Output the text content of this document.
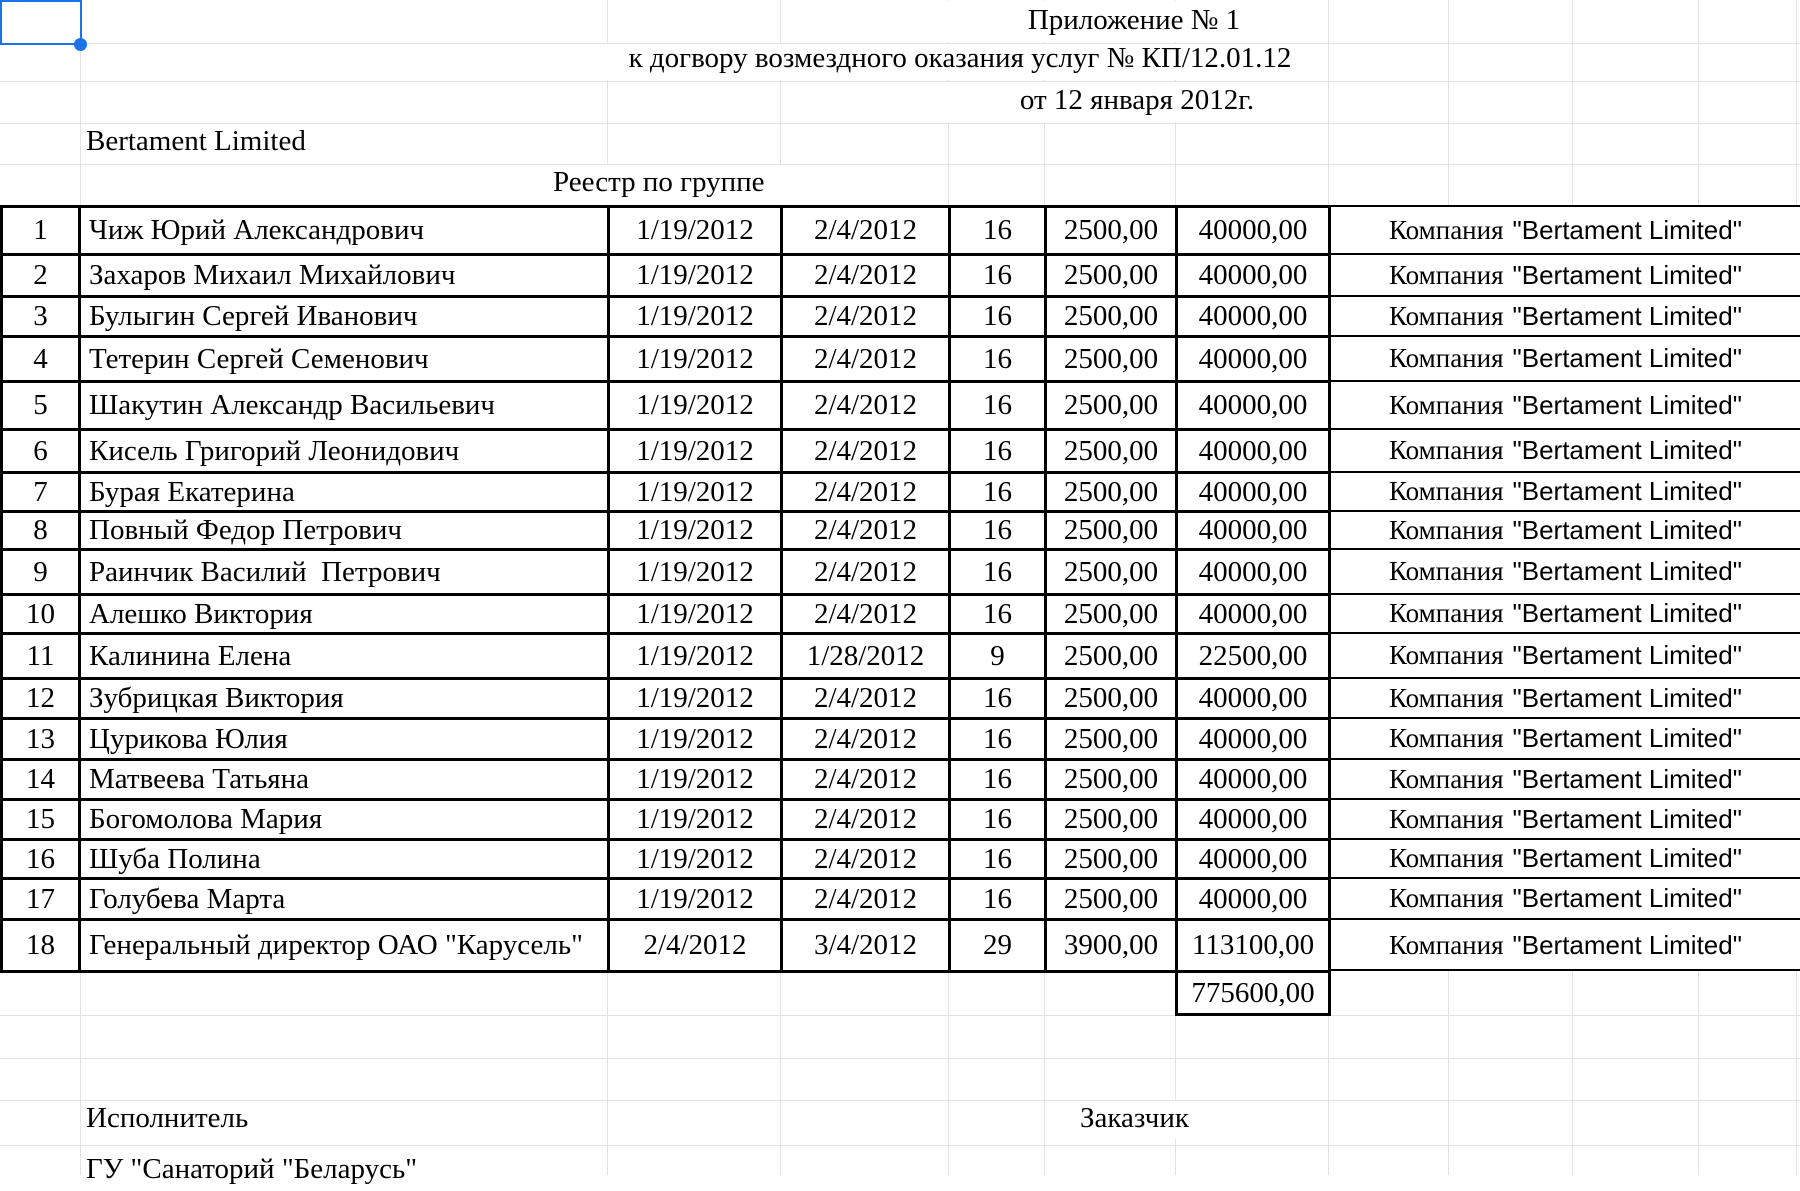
1	Чиж Юрий Александрович	1/19/2012	2/4/2012	16	2500,00	40000,00	Компания "Bertament Limited"
2	Захаров Михаил Михайлович	1/19/2012	2/4/2012	16	2500,00	40000,00	Компания "Bertament Limited"
3	Булыгин Сергей Иванович	1/19/2012	2/4/2012	16	2500,00	40000,00	Компания "Bertament Limited"
4	Тетерин Сергей Семенович	1/19/2012	2/4/2012	16	2500,00	40000,00	Компания "Bertament Limited"
5	Шакутин Александр Васильевич	1/19/2012	2/4/2012	16	2500,00	40000,00	Компания "Bertament Limited"
6	Кисель Григорий Леонидович	1/19/2012	2/4/2012	16	2500,00	40000,00	Компания "Bertament Limited"
7	Бурая Екатерина	1/19/2012	2/4/2012	16	2500,00	40000,00	Компания "Bertament Limited"
8	Повный Федор Петрович	1/19/2012	2/4/2012	16	2500,00	40000,00	Компания "Bertament Limited"
9	Раинчик Василий  Петрович	1/19/2012	2/4/2012	16	2500,00	40000,00	Компания "Bertament Limited"
10	Алешко Виктория	1/19/2012	2/4/2012	16	2500,00	40000,00	Компания "Bertament Limited"
11	Калинина Елена	1/19/2012	1/28/2012	9	2500,00	22500,00	Компания "Bertament Limited"
12	Зубрицкая Виктория	1/19/2012	2/4/2012	16	2500,00	40000,00	Компания "Bertament Limited"
13	Цурикова Юлия	1/19/2012	2/4/2012	16	2500,00	40000,00	Компания "Bertament Limited"
14	Матвеева Татьяна	1/19/2012	2/4/2012	16	2500,00	40000,00	Компания "Bertament Limited"
15	Богомолова Мария	1/19/2012	2/4/2012	16	2500,00	40000,00	Компания "Bertament Limited"
16	Шуба Полина	1/19/2012	2/4/2012	16	2500,00	40000,00	Компания "Bertament Limited"
17	Голубева Марта	1/19/2012	2/4/2012	16	2500,00	40000,00	Компания "Bertament Limited"
18	Генеральный директор ОАО "Карусель"	2/4/2012	3/4/2012	29	3900,00	113100,00	Компания "Bertament Limited"
Приложение № 1
к догвору возмездного оказания услуг № КП/12.01.12
от 12 января 2012г.
Bertament Limited
Реестр по группе
775600,00
Исполнитель	Заказчик
ГУ "Санаторий "Беларусь"
